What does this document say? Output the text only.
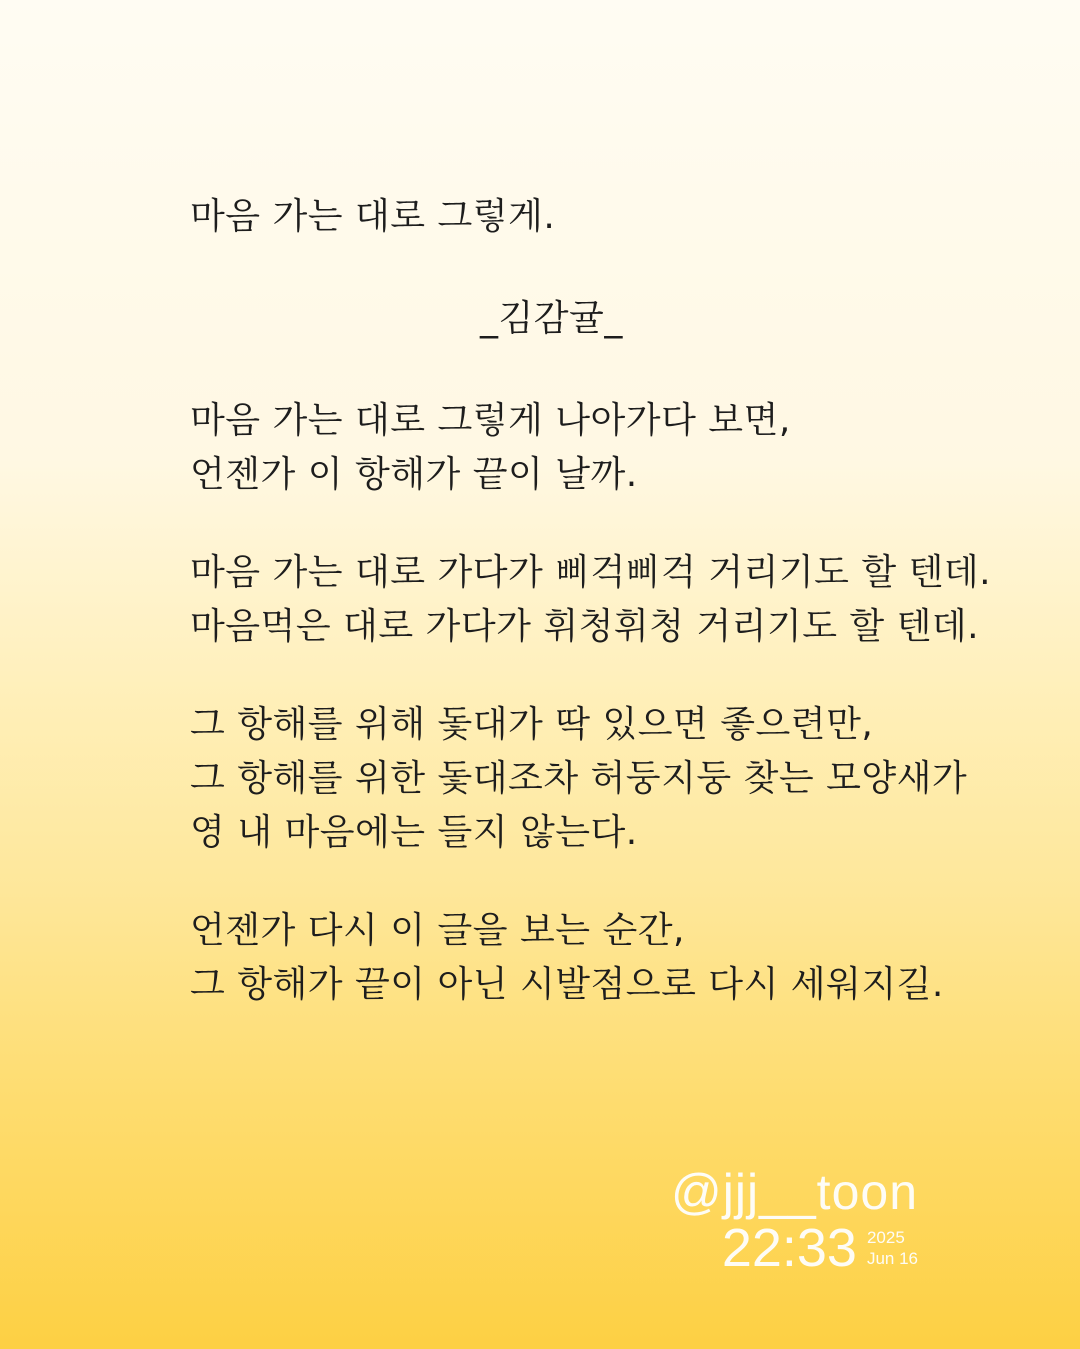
마음 가는 대로 그렇게.
_김감귤_
마음 가는 대로 그렇게 나아가다 보면,
언젠가 이 항해가 끝이 날까.
마음 가는 대로 가다가 삐걱삐걱 거리기도 할 텐데.
마음먹은 대로 가다가 휘청휘청 거리기도 할 텐데.
그 항해를 위해 돛대가 딱 있으면 좋으련만,
그 항해를 위한 돛대조차 허둥지둥 찾는 모양새가
영 내 마음에는 들지 않는다.
언젠가 다시 이 글을 보는 순간,
그 항해가 끝이 아닌 시발점으로 다시 세워지길.
@jjj__toon
22:33 2025
Jun 16
